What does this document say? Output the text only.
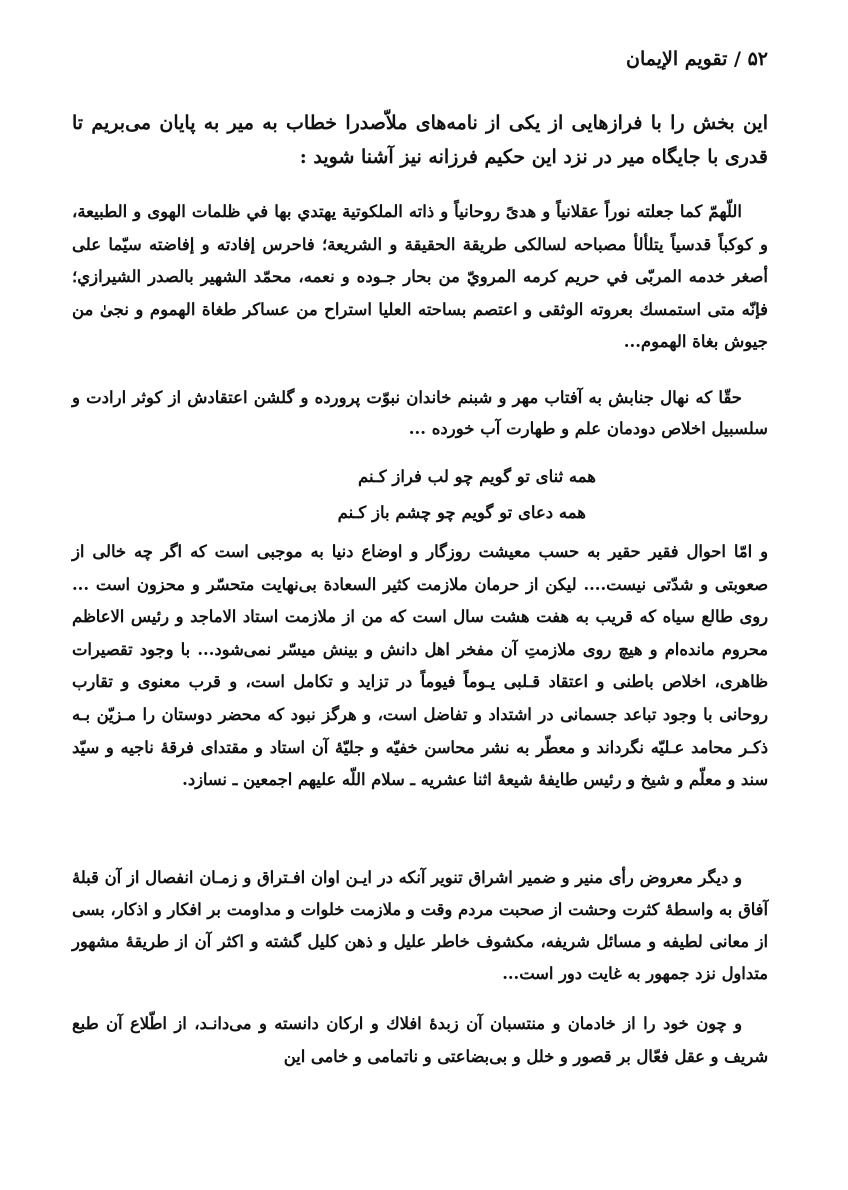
۵۲ / تقويم الإيمان
اين بخش را با فرازهايى از يكى از نامه‌هاى ملاّصدرا خطاب به مير به پايان مى‌بريم تا قدرى با جايگاه مير در نزد اين حكيم فرزانه نيز آشنا شويد :
اللّهمّ كما جعلته نوراً عقلانياً و هدىً روحانياً و ذاته الملكوتية يهتدي بها في ظلمات الهوى و الطبيعة، و كوكباً قدسياً يتلألأ مصباحه لسالكى طريقة الحقيقة و الشريعة؛ فاحرس إفادته و إفاضته سيّما على أصغر خدمه المربّى في حريم كرمه المرويّ من بحار جـوده و نعمه، محمّد الشهير بالصدر الشيرازي؛ فإنّه متى استمسك بعروته الوثقى و اعتصم بساحته العليا استراح من عساكر طغاة الهموم و نجىٰ من جيوش بغاة الهموم...
حقّا كه نهال جنابش به آفتاب مهر و شبنم خاندان نبوّت پرورده و گلشن اعتقادش از كوثر ارادت و سلسبيل اخلاص دودمان علم و طهارت آب خورده ...
همه ثناى تو گويم چو لب فراز كـنم
همه دعاى تو گويم چو چشم باز كـنم
و امّا احوال فقير حقير به حسب معيشت روزگار و اوضاع دنيا به موجبى است كه اگر چه خالى از صعوبتى و شدّتى نيست.... ليكن از حرمان ملازمت كثير السعادة بى‌نهايت متحسّر و محزون است ... روى طالع سياه كه قريب به هفت هشت سال است كه من از ملازمت استاد الاماجد و رئيس الاعاظم محروم مانده‌ام و هيچ روى ملازمتِ آن مفخر اهل دانش و بينش ميسّر نمى‌شود... با وجود تقصيرات ظاهرى، اخلاص باطنى و اعتقاد قـلبى يـوماً فيوماً در تزايد و تكامل است، و قرب معنوى و تقارب روحانى با وجود تباعد جسمانى در اشتداد و تفاضل است، و هرگز نبود كه محضر دوستان را مـزيّن بـه ذكـر محامد عـليّه نگرداند و معطّر به نشر محاسن خفيّه و جليّهٔ آن استاد و مقتداى فرقهٔ ناجيه و سيّد سند و معلّم و شيخ و رئيس طايفهٔ شيعهٔ اثنا عشريه ـ سلام اللّه عليهم اجمعين ـ نسازد.
و ديگر معروض رأى منير و ضمير اشراق تنوير آنكه در ايـن اوان افـتراق و زمـان انفصال از آن قبلهٔ آفاق به واسطهٔ كثرت وحشت از صحبت مردم وقت و ملازمت خلوات و مداومت بر افكار و اذكار، بسى از معانى لطيفه و مسائل شريفه، مكشوف خاطر عليل و ذهن كليل گشته و اكثر آن از طريقهٔ مشهور متداول نزد جمهور به غايت دور است...
و چون خود را از خادمان و منتسبان آن زبدهٔ افلاك و اركان دانسته و مى‌دانـد، از اطّلاع آن طبع شريف و عقل فعّال بر قصور و خلل و بى‌بضاعتى و ناتمامى و خامى اين
